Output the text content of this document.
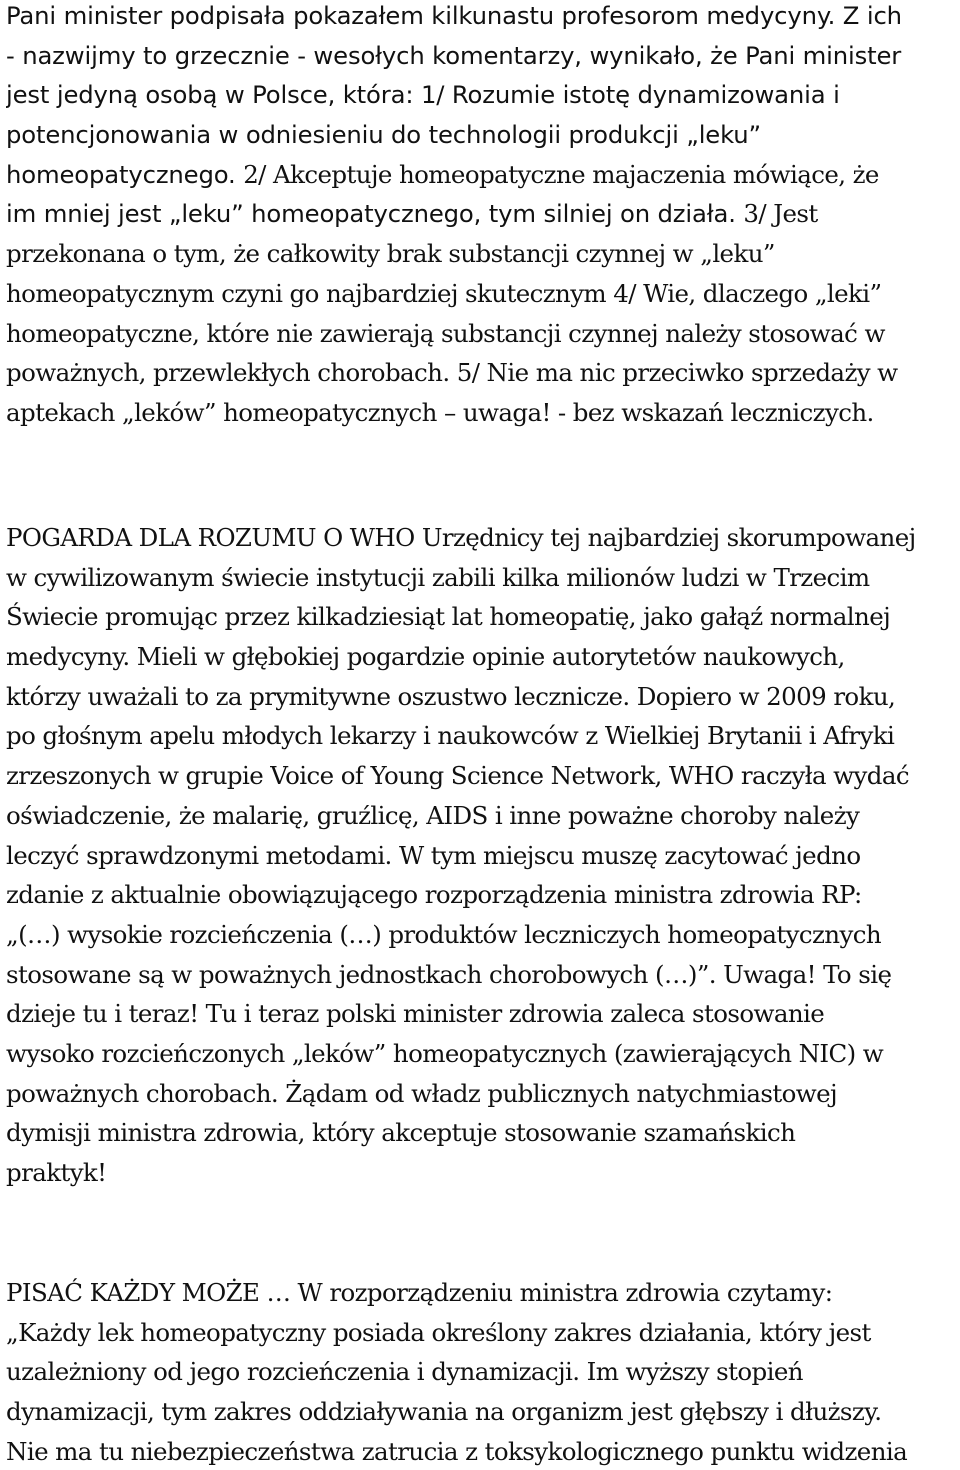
Pani minister podpisała pokazałem kilkunastu profesorom medycyny. Z ich
- nazwijmy to grzecznie - wesołych komentarzy, wynikało, że Pani minister
jest jedyną osobą w Polsce, która: 1/ Rozumie istotę dynamizowania i
potencjonowania w odniesieniu do technologii produkcji „leku”
homeopatycznego. 2/ Akceptuje homeopatyczne majaczenia mówiące, że
im mniej jest „leku” homeopatycznego, tym silniej on działa. 3/ Jest
przekonana o tym, że całkowity brak substancji czynnej w „leku”
homeopatycznym czyni go najbardziej skutecznym 4/ Wie, dlaczego „leki”
homeopatyczne, które nie zawierają substancji czynnej należy stosować w
poważnych, przewlekłych chorobach. 5/ Nie ma nic przeciwko sprzedaży w
aptekach „leków” homeopatycznych – uwaga! - bez wskazań leczniczych.
POGARDA DLA ROZUMU O WHO Urzędnicy tej najbardziej skorumpowanej
w cywilizowanym świecie instytucji zabili kilka milionów ludzi w Trzecim
Świecie promując przez kilkadziesiąt lat homeopatię, jako gałąź normalnej
medycyny. Mieli w głębokiej pogardzie opinie autorytetów naukowych,
którzy uważali to za prymitywne oszustwo lecznicze. Dopiero w 2009 roku,
po głośnym apelu młodych lekarzy i naukowców z Wielkiej Brytanii i Afryki
zrzeszonych w grupie Voice of Young Science Network, WHO raczyła wydać
oświadczenie, że malarię, gruźlicę, AIDS i inne poważne choroby należy
leczyć sprawdzonymi metodami. W tym miejscu muszę zacytować jedno
zdanie z aktualnie obowiązującego rozporządzenia ministra zdrowia RP:
„(…) wysokie rozcieńczenia (…) produktów leczniczych homeopatycznych
stosowane są w poważnych jednostkach chorobowych (…)”. Uwaga! To się
dzieje tu i teraz! Tu i teraz polski minister zdrowia zaleca stosowanie
wysoko rozcieńczonych „leków” homeopatycznych (zawierających NIC) w
poważnych chorobach. Żądam od władz publicznych natychmiastowej
dymisji ministra zdrowia, który akceptuje stosowanie szamańskich
praktyk!
PISAĆ KAŻDY MOŻE … W rozporządzeniu ministra zdrowia czytamy:
„Każdy lek homeopatyczny posiada określony zakres działania, który jest
uzależniony od jego rozcieńczenia i dynamizacji. Im wyższy stopień
dynamizacji, tym zakres oddziaływania na organizm jest głębszy i dłuższy.
Nie ma tu niebezpieczeństwa zatrucia z toksykologicznego punktu widzenia
